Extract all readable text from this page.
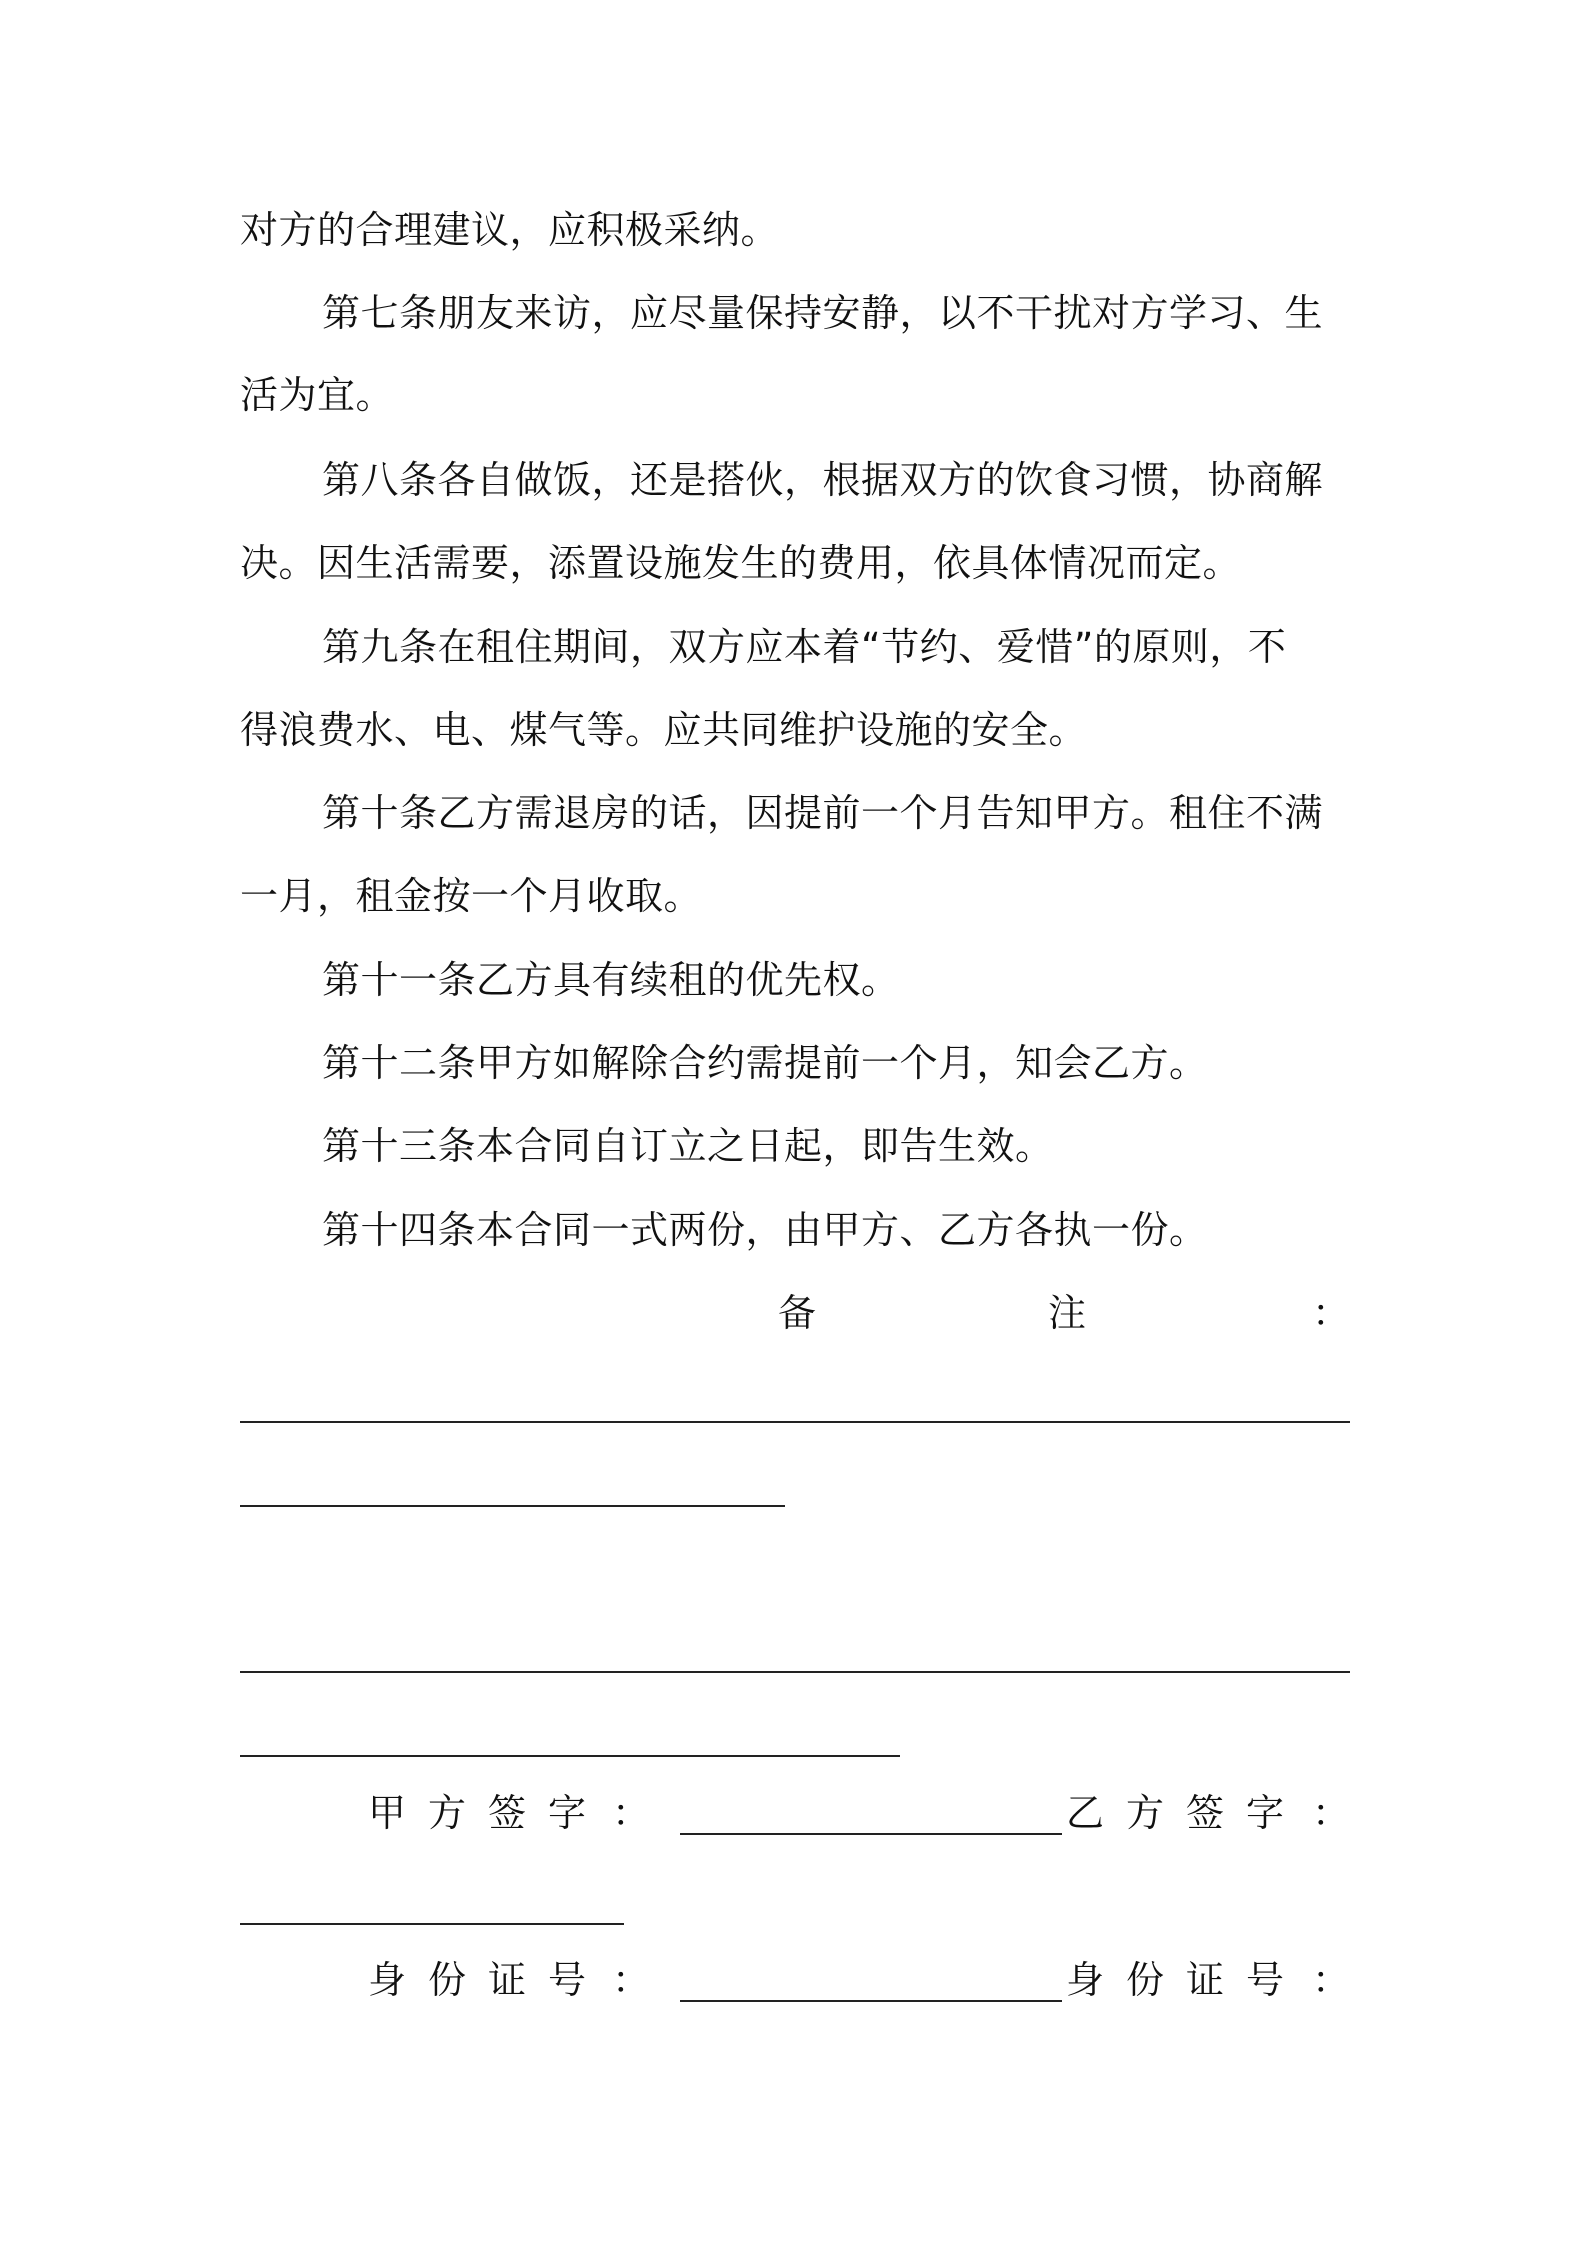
对方的合理建议，应积极采纳。
第七条朋友来访，应尽量保持安静，以不干扰对方学习、生
活为宜。
第八条各自做饭，还是搭伙，根据双方的饮食习惯，协商解
决。因生活需要，添置设施发生的费用，依具体情况而定。
第九条在租住期间，双方应本着“节约、爱惜”的原则，不
得浪费水、电、煤气等。应共同维护设施的安全。
第十条乙方需退房的话，因提前一个月告知甲方。租住不满
一月，租金按一个月收取。
第十一条乙方具有续租的优先权。
第十二条甲方如解除合约需提前一个月，知会乙方。
第十三条本合同自订立之日起，即告生效。
第十四条本合同一式两份，由甲方、乙方各执一份。
备	注	：
甲方签字 ：	乙方签字 ：
身份证号 ：	身份证号 ：
